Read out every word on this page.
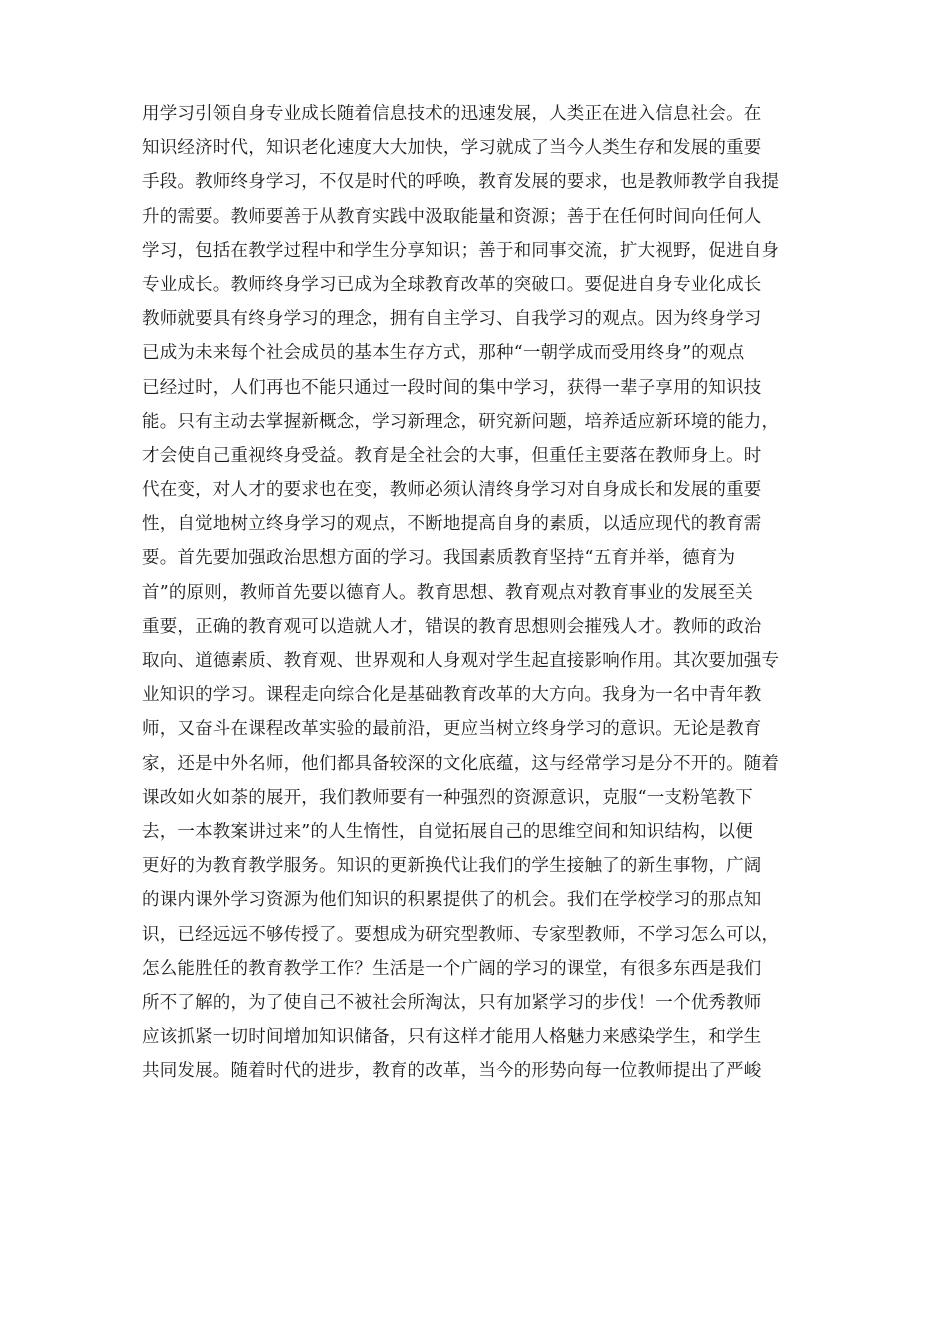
用学习引领自身专业成长随着信息技术的迅速发展，人类正在进入信息社会。在
知识经济时代，知识老化速度大大加快，学习就成了当今人类生存和发展的重要
手段。教师终身学习，不仅是时代的呼唤，教育发展的要求，也是教师教学自我提
升的需要。教师要善于从教育实践中汲取能量和资源；善于在任何时间向任何人
学习，包括在教学过程中和学生分享知识；善于和同事交流，扩大视野，促进自身
专业成长。教师终身学习已成为全球教育改革的突破口。要促进自身专业化成长
教师就要具有终身学习的理念，拥有自主学习、自我学习的观点。因为终身学习
已成为未来每个社会成员的基本生存方式，那种“一朝学成而受用终身”的观点
已经过时，人们再也不能只通过一段时间的集中学习，获得一辈子享用的知识技
能。只有主动去掌握新概念，学习新理念，研究新问题，培养适应新环境的能力，
才会使自己重视终身受益。教育是全社会的大事，但重任主要落在教师身上。时
代在变，对人才的要求也在变，教师必须认清终身学习对自身成长和发展的重要
性，自觉地树立终身学习的观点，不断地提高自身的素质，以适应现代的教育需
要。首先要加强政治思想方面的学习。我国素质教育坚持“五育并举，德育为
首”的原则，教师首先要以德育人。教育思想、教育观点对教育事业的发展至关
重要，正确的教育观可以造就人才，错误的教育思想则会摧残人才。教师的政治
取向、道德素质、教育观、世界观和人身观对学生起直接影响作用。其次要加强专
业知识的学习。课程走向综合化是基础教育改革的大方向。我身为一名中青年教
师，又奋斗在课程改革实验的最前沿，更应当树立终身学习的意识。无论是教育
家，还是中外名师，他们都具备较深的文化底蕴，这与经常学习是分不开的。随着
课改如火如荼的展开，我们教师要有一种强烈的资源意识，克服“一支粉笔教下
去，一本教案讲过来”的人生惰性，自觉拓展自己的思维空间和知识结构，以便
更好的为教育教学服务。知识的更新换代让我们的学生接触了的新生事物，广阔
的课内课外学习资源为他们知识的积累提供了的机会。我们在学校学习的那点知
识，已经远远不够传授了。要想成为研究型教师、专家型教师，不学习怎么可以，
怎么能胜任的教育教学工作？生活是一个广阔的学习的课堂，有很多东西是我们
所不了解的，为了使自己不被社会所淘汰，只有加紧学习的步伐！一个优秀教师
应该抓紧一切时间增加知识储备，只有这样才能用人格魅力来感染学生，和学生
共同发展。随着时代的进步，教育的改革，当今的形势向每一位教师提出了严峻
